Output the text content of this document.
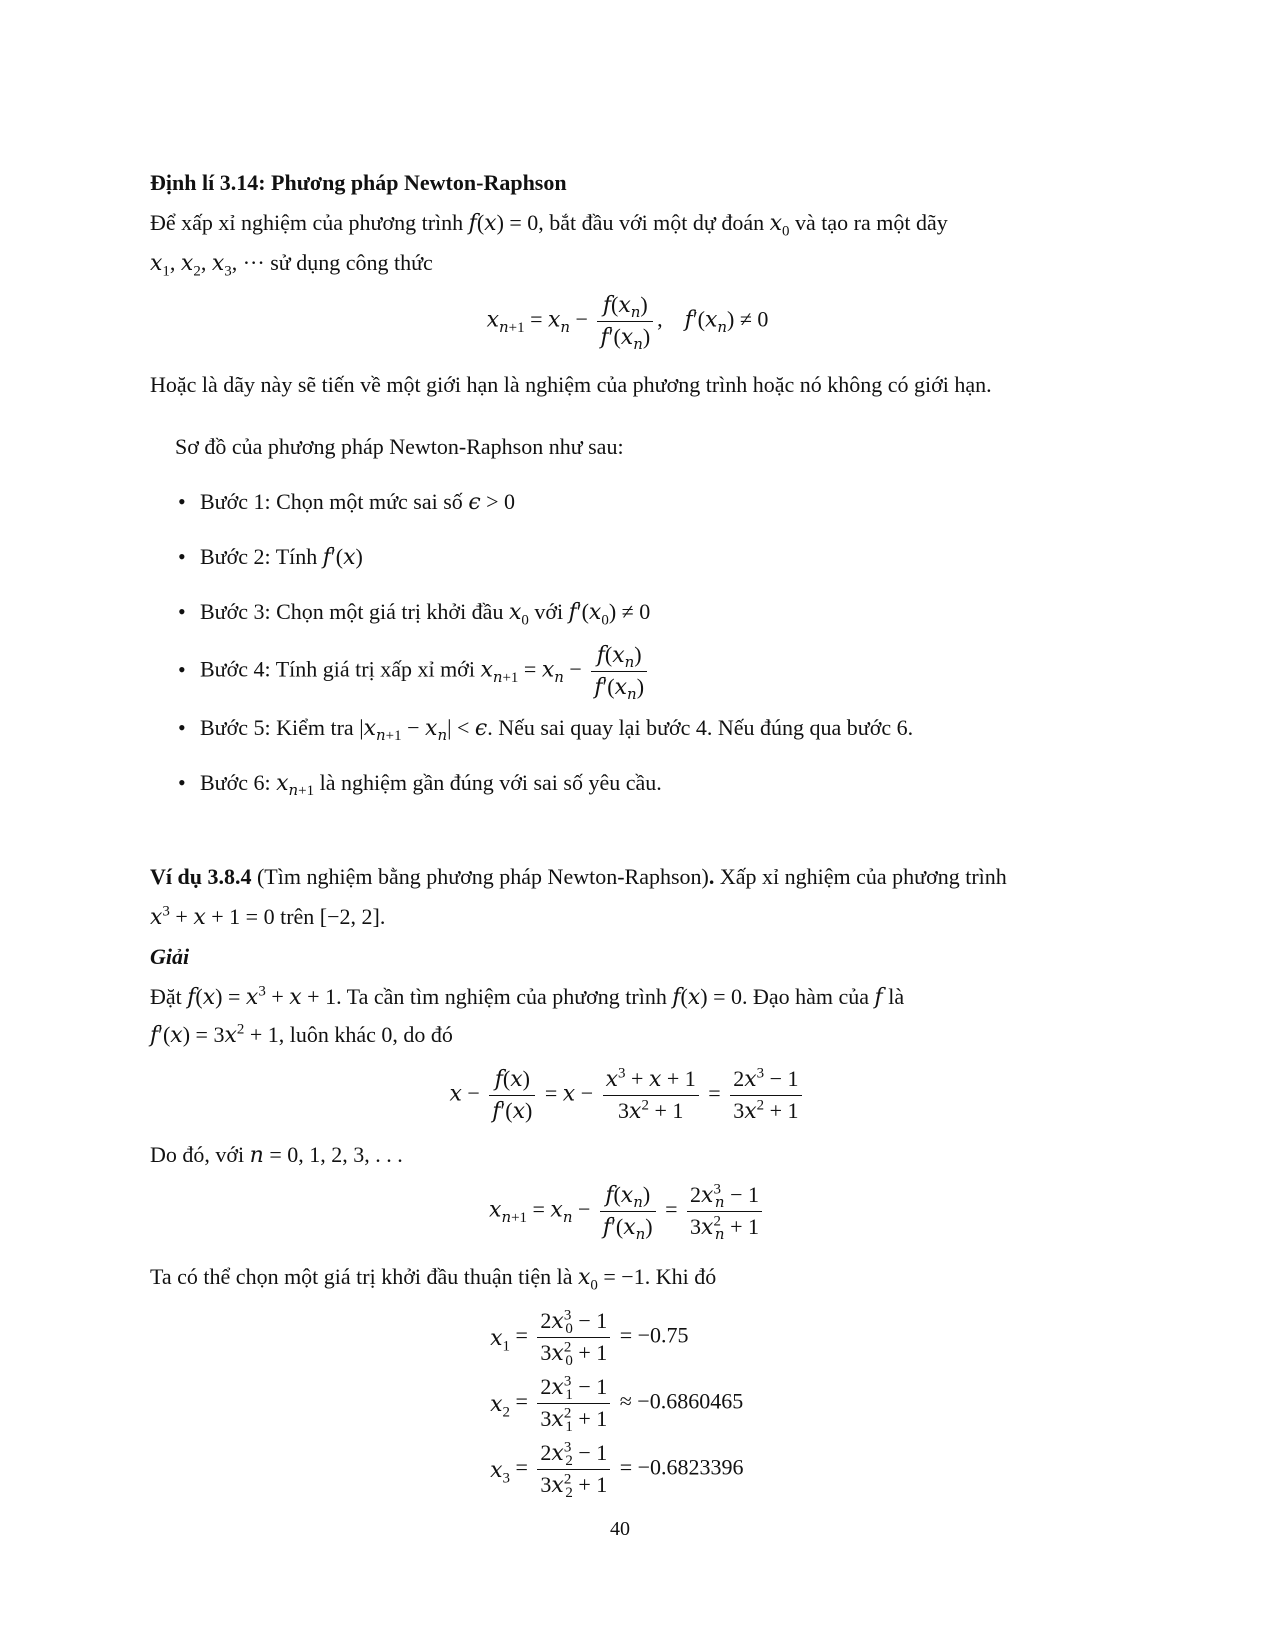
Định lí 3.14: Phương pháp Newton-Raphson
Để xấp xỉ nghiệm của phương trình f(x) = 0, bắt đầu với một dự đoán $x_0$ và tạo ra một dãy
$x_1$, $x_2$, $x_3$, ··· sử dụng công thức
$x_{n+1} = x_n - \frac{f(x_n)}{f'(x_n)}$ ,    $f'(x_n) \ne 0$
Hoặc là dãy này sẽ tiến về một giới hạn là nghiệm của phương trình hoặc nó không có giới hạn.
Sơ đồ của phương pháp Newton-Raphson như sau:
• Bước 1: Chọn một mức sai số ϵ > 0
• Bước 2: Tính f′(x)
• Bước 3: Chọn một giá trị khởi đầu $x_0$ với $f'(x_0) \ne 0$
• Bước 4: Tính giá trị xấp xỉ mới $x_{n+1} = x_n - \frac{f(x_n)}{f'(x_n)}$
• Bước 5: Kiểm tra $|x_{n+1} - x_n| < \epsilon$. Nếu sai quay lại bước 4. Nếu đúng qua bước 6.
• Bước 6: $x_{n+1}$ là nghiệm gần đúng với sai số yêu cầu.
Ví dụ 3.8.4 (Tìm nghiệm bằng phương pháp Newton-Raphson). Xấp xỉ nghiệm của phương trình
$x^3 + x + 1 = 0$ trên [−2, 2].
Giải
Đặt $f(x) = x^3 + x + 1$. Ta cần tìm nghiệm của phương trình f(x) = 0. Đạo hàm của f là
$f'(x) = 3x^2 + 1$, luôn khác 0, do đó
$x - \frac{f(x)}{f'(x)} = x - \frac{x^3 + x + 1}{3x^2 + 1} = \frac{2x^3 - 1}{3x^2 + 1}$
Do đó, với n = 0, 1, 2, 3, . . .
$x_{n+1} = x_n - \frac{f(x_n)}{f'(x_n)} = \frac{2x^3_n - 1}{3x^2_n + 1}$
Ta có thể chọn một giá trị khởi đầu thuận tiện là $x_0 = -1$. Khi đó
$x_1 = \frac{2x^3_0 - 1}{3x^2_0 + 1} = -0.75$
$x_2 = \frac{2x^3_1 - 1}{3x^2_1 + 1} \approx -0.6860465$
$x_3 = \frac{2x^3_2 - 1}{3x^2_2 + 1} = -0.6823396$
40
